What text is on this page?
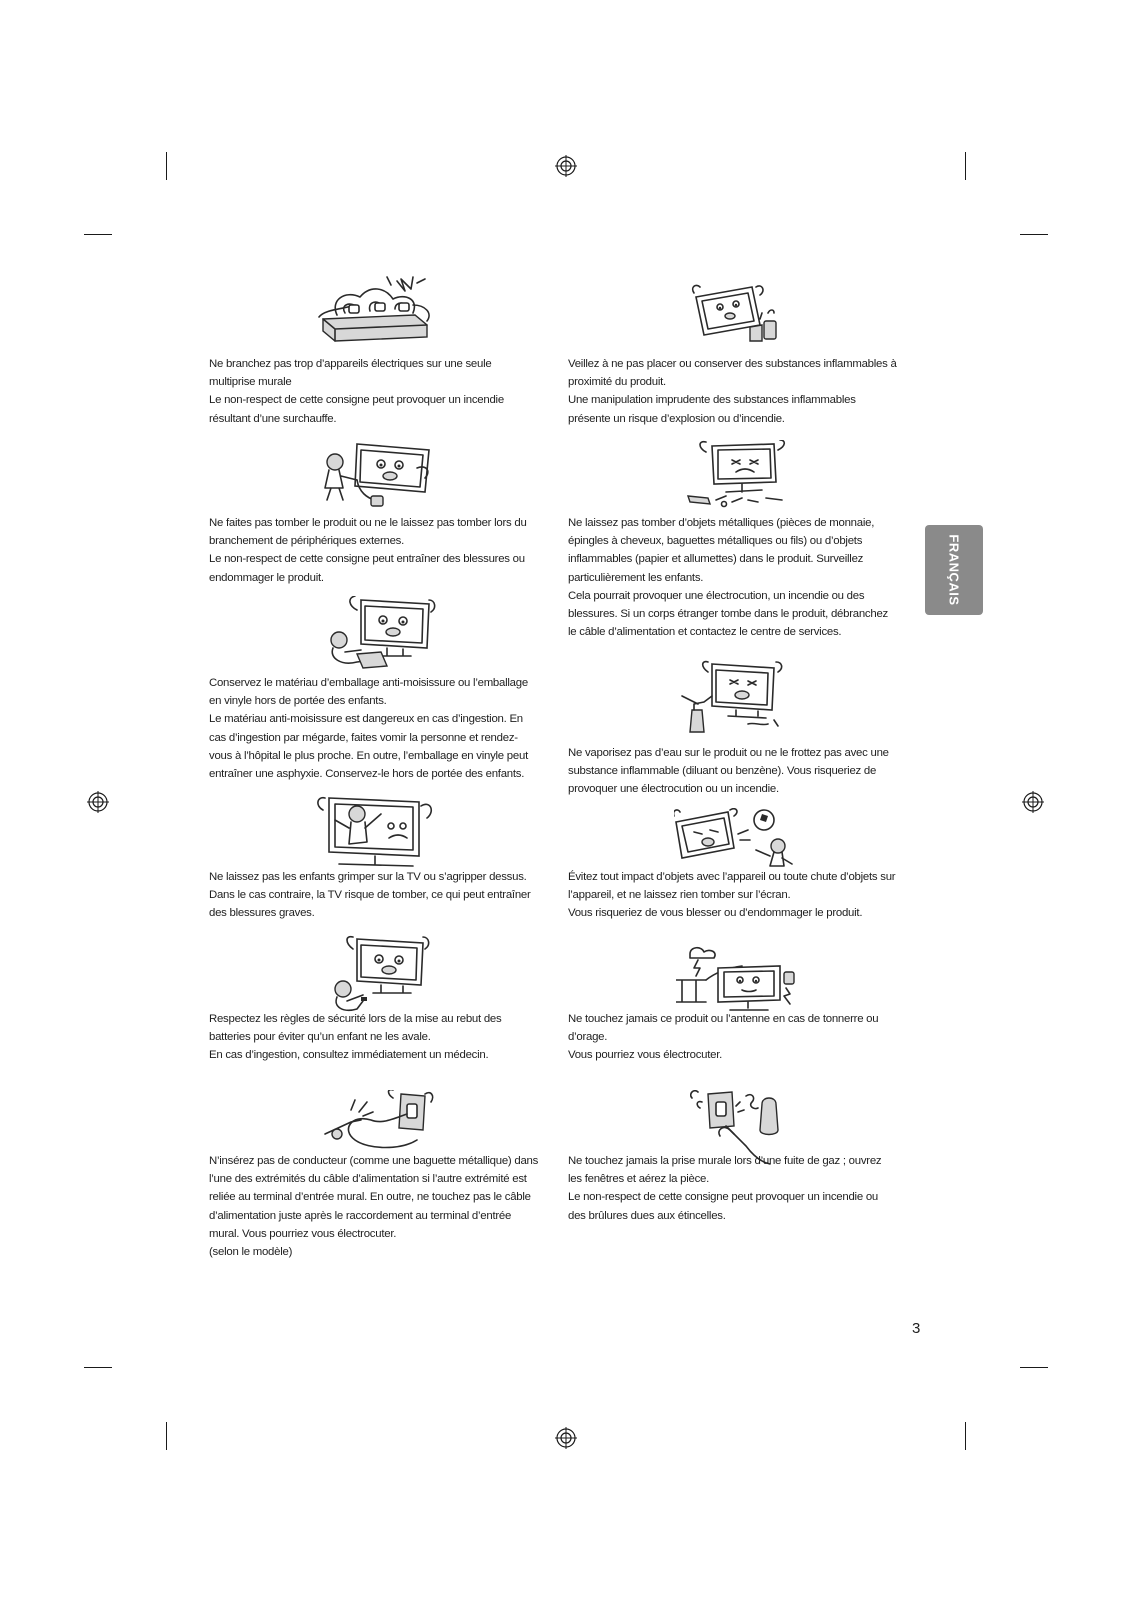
FRANÇAIS

Ne branchez pas trop d’appareils électriques sur une seule multiprise murale

Le non-respect de cette consigne peut provoquer un incendie résultant d’une surchauffe.

Ne faites pas tomber le produit ou ne le laissez pas tomber lors du branchement de périphériques externes.

Le non-respect de cette consigne peut entraîner des blessures ou endommager le produit.

Conservez le matériau d’emballage anti-moisissure ou l’emballage en vinyle hors de portée des enfants.

Le matériau anti-moisissure est dangereux en cas d’ingestion. En cas d’ingestion par mégarde, faites vomir la personne et rendez-vous à l’hôpital le plus proche. En outre, l’emballage en vinyle peut entraîner une asphyxie. Conservez-le hors de portée des enfants.

Ne laissez pas les enfants grimper sur la TV ou s’agripper dessus.

Dans le cas contraire, la TV risque de tomber, ce qui peut entraîner des blessures graves.

Respectez les règles de sécurité lors de la mise au rebut des batteries pour éviter qu’un enfant ne les avale.

En cas d’ingestion, consultez immédiatement un médecin.

N’insérez pas de conducteur (comme une baguette métallique) dans l’une des extrémités du câble d’alimentation si l’autre extrémité est reliée au terminal d’entrée mural. En outre, ne touchez pas le câble d’alimentation juste après le raccordement au terminal d’entrée mural. Vous pourriez vous électrocuter.

(selon le modèle)

Veillez à ne pas placer ou conserver des substances inflammables à proximité du produit.

Une manipulation imprudente des substances inflammables présente un risque d’explosion ou d’incendie.

Ne laissez pas tomber d’objets métalliques (pièces de monnaie, épingles à cheveux, baguettes métalliques ou fils) ou d’objets inflammables (papier et allumettes) dans le produit. Surveillez particulièrement les enfants.

Cela pourrait provoquer une électrocution, un incendie ou des blessures. Si un corps étranger tombe dans le produit, débranchez le câble d’alimentation et contactez le centre de services.

Ne vaporisez pas d’eau sur le produit ou ne le frottez pas avec une substance inflammable (diluant ou benzène). Vous risqueriez de provoquer une électrocution ou un incendie.

Évitez tout impact d’objets avec l’appareil ou toute chute d’objets sur l’appareil, et ne laissez rien tomber sur l’écran.

Vous risqueriez de vous blesser ou d’endommager le produit.

Ne touchez jamais ce produit ou l’antenne en cas de tonnerre ou d’orage.

Vous pourriez vous électrocuter.

Ne touchez jamais la prise murale lors d’une fuite de gaz ; ouvrez les fenêtres et aérez la pièce.

Le non-respect de cette consigne peut provoquer un incendie ou des brûlures dues aux étincelles.

3
